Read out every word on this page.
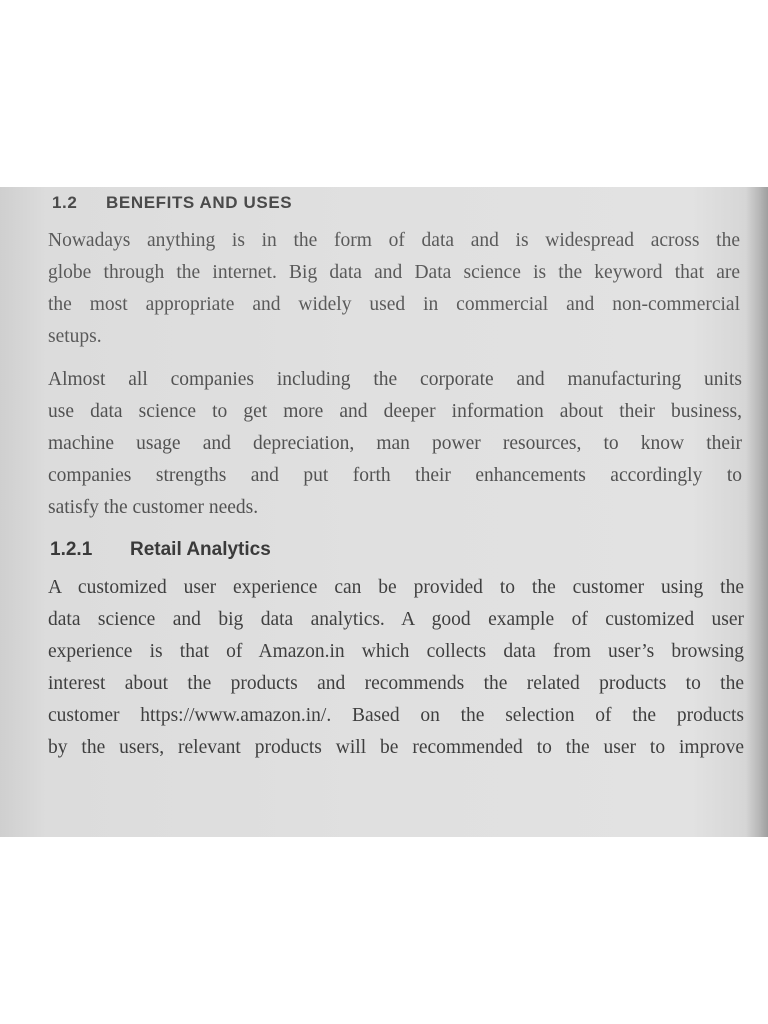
1.2 BENEFITS AND USES

Nowadays anything is in the form of data and is widespread across the
globe through the internet. Big data and Data science is the keyword that are
the most appropriate and widely used in commercial and non-commercial
setups.

Almost all companies including the corporate and manufacturing units
use data science to get more and deeper information about their business,
machine usage and depreciation, man power resources, to know their
companies strengths and put forth their enhancements accordingly to
satisfy the customer needs.

1.2.1 Retail Analytics

A customized user experience can be provided to the customer using the
data science and big data analytics. A good example of customized user
experience is that of Amazon.in which collects data from user’s browsing
interest about the products and recommends the related products to the
customer https://www.amazon.in/. Based on the selection of the products
by the users, relevant products will be recommended to the user to improve
